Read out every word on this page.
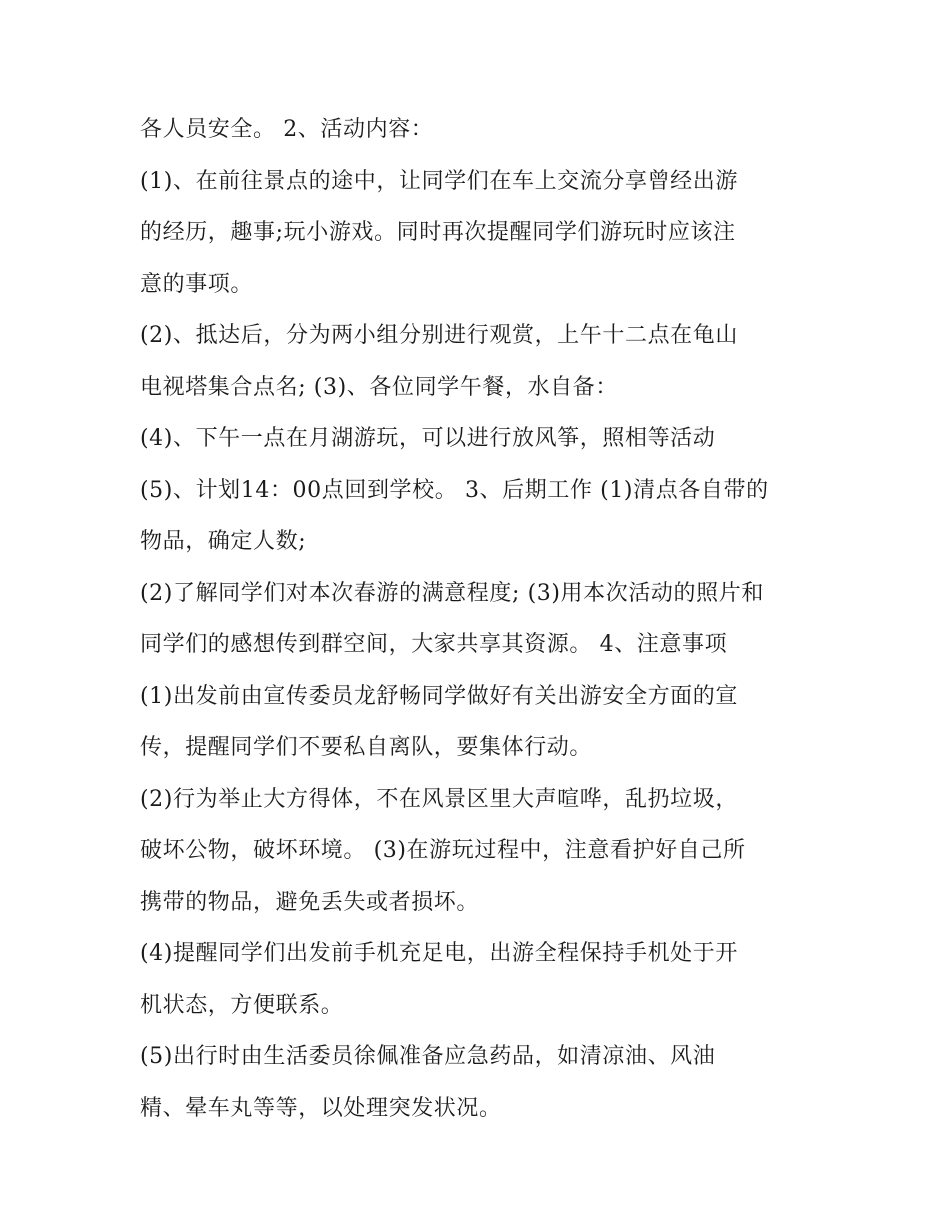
各人员安全。 2、活动内容：
(1)、在前往景点的途中，让同学们在车上交流分享曾经出游
的经历，趣事;玩小游戏。同时再次提醒同学们游玩时应该注
意的事项。
(2)、抵达后，分为两小组分别进行观赏，上午十二点在龟山
电视塔集合点名; (3)、各位同学午餐，水自备：
(4)、下午一点在月湖游玩，可以进行放风筝，照相等活动
(5)、计划14：00点回到学校。 3、后期工作 (1)清点各自带的
物品，确定人数;
(2)了解同学们对本次春游的满意程度; (3)用本次活动的照片和
同学们的感想传到群空间，大家共享其资源。 4、注意事项
(1)出发前由宣传委员龙舒畅同学做好有关出游安全方面的宣
传，提醒同学们不要私自离队，要集体行动。
(2)行为举止大方得体，不在风景区里大声喧哗，乱扔垃圾，
破坏公物，破坏环境。 (3)在游玩过程中，注意看护好自己所
携带的物品，避免丢失或者损坏。
(4)提醒同学们出发前手机充足电，出游全程保持手机处于开
机状态，方便联系。
(5)出行时由生活委员徐佩准备应急药品，如清凉油、风油
精、晕车丸等等，以处理突发状况。
